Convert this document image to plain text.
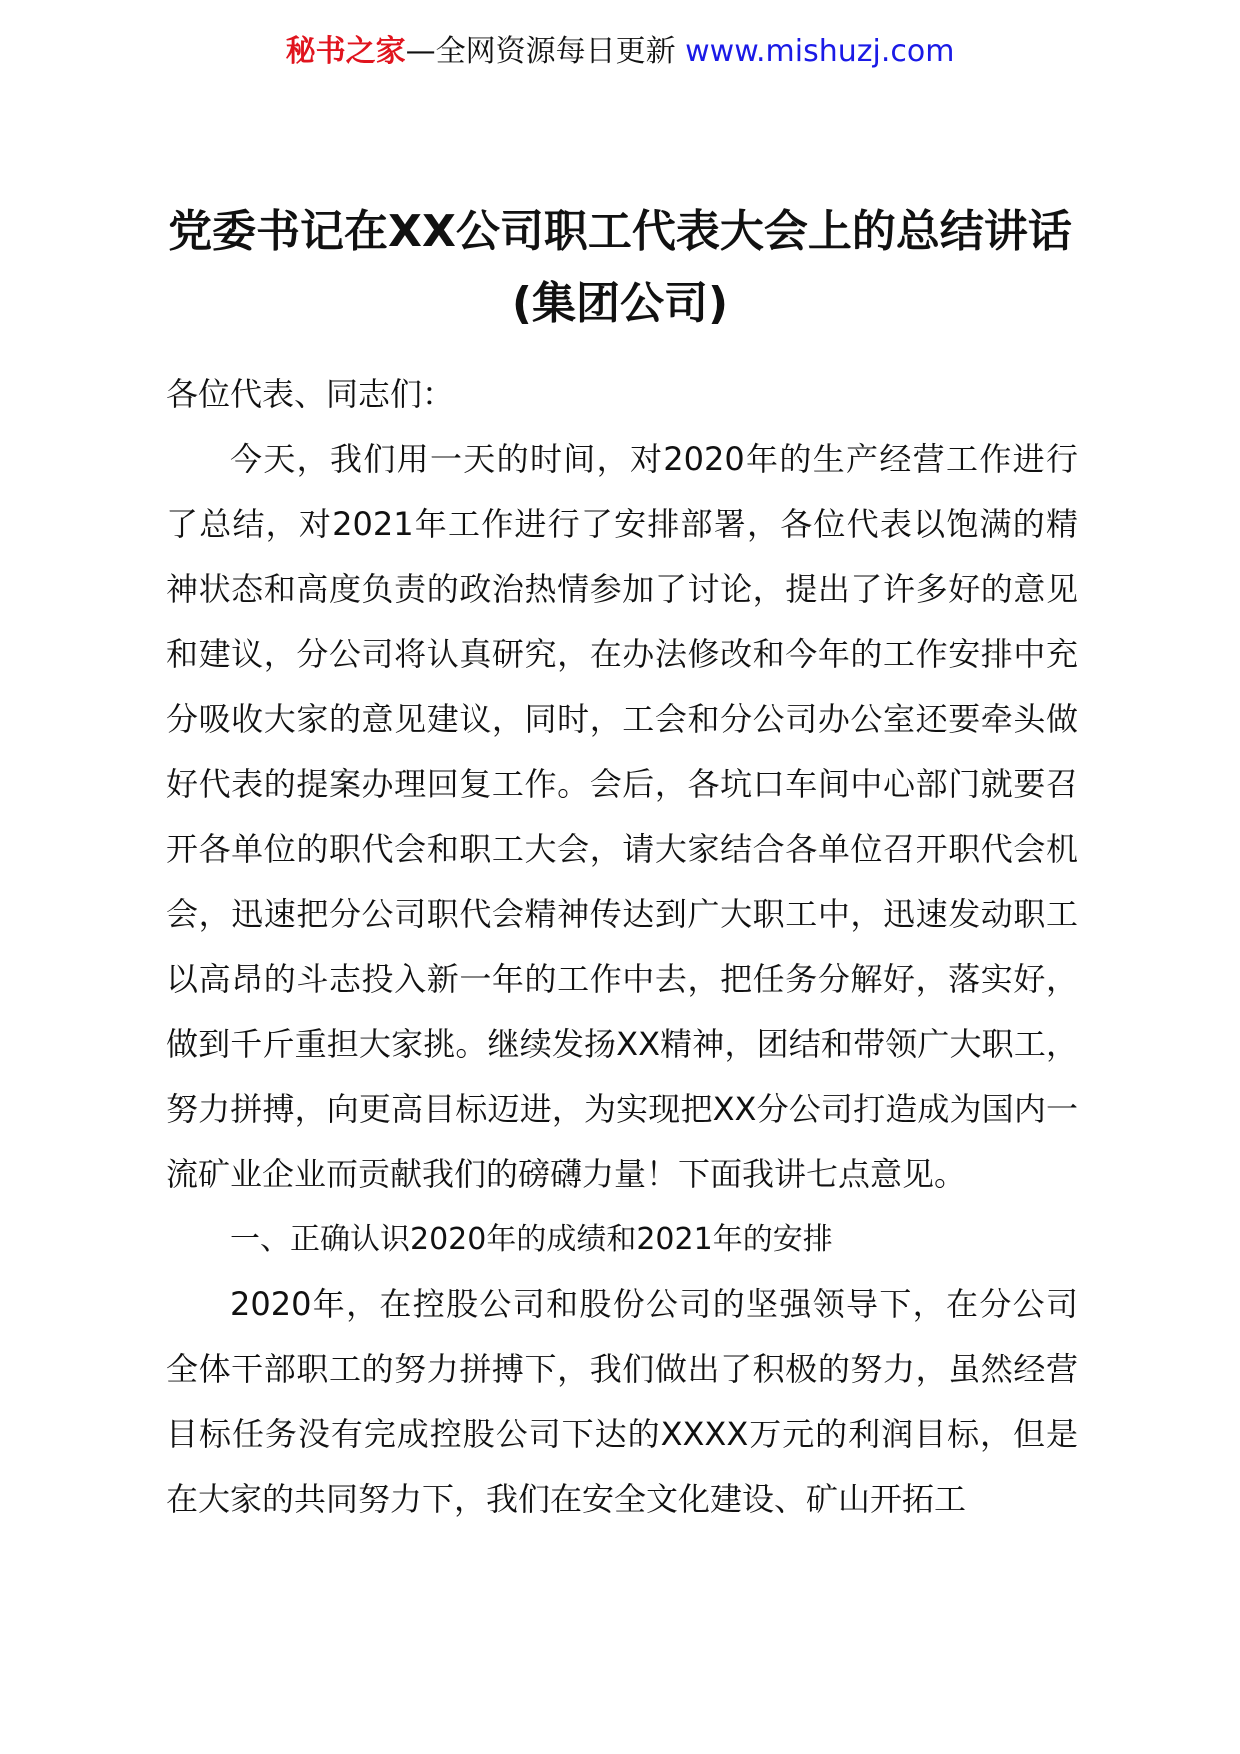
秘书之家—全网资源每日更新 www.mishuzj.com
党委书记在XX公司职工代表大会上的总结讲话(集团公司)

各位代表、同志们：

今天，我们用一天的时间，对2020年的生产经营工作进行了总结，对2021年工作进行了安排部署，各位代表以饱满的精神状态和高度负责的政治热情参加了讨论，提出了许多好的意见和建议，分公司将认真研究，在办法修改和今年的工作安排中充分吸收大家的意见建议，同时，工会和分公司办公室还要牵头做好代表的提案办理回复工作。会后，各坑口车间中心部门就要召开各单位的职代会和职工大会，请大家结合各单位召开职代会机会，迅速把分公司职代会精神传达到广大职工中，迅速发动职工以高昂的斗志投入新一年的工作中去，把任务分解好，落实好，做到千斤重担大家挑。继续发扬XX精神，团结和带领广大职工，努力拼搏，向更高目标迈进，为实现把XX分公司打造成为国内一流矿业企业而贡献我们的磅礴力量！下面我讲七点意见。

一、正确认识2020年的成绩和2021年的安排

2020年，在控股公司和股份公司的坚强领导下，在分公司全体干部职工的努力拼搏下，我们做出了积极的努力，虽然经营目标任务没有完成控股公司下达的XXXX万元的利润目标，但是在大家的共同努力下，我们在安全文化建设、矿山开拓工
